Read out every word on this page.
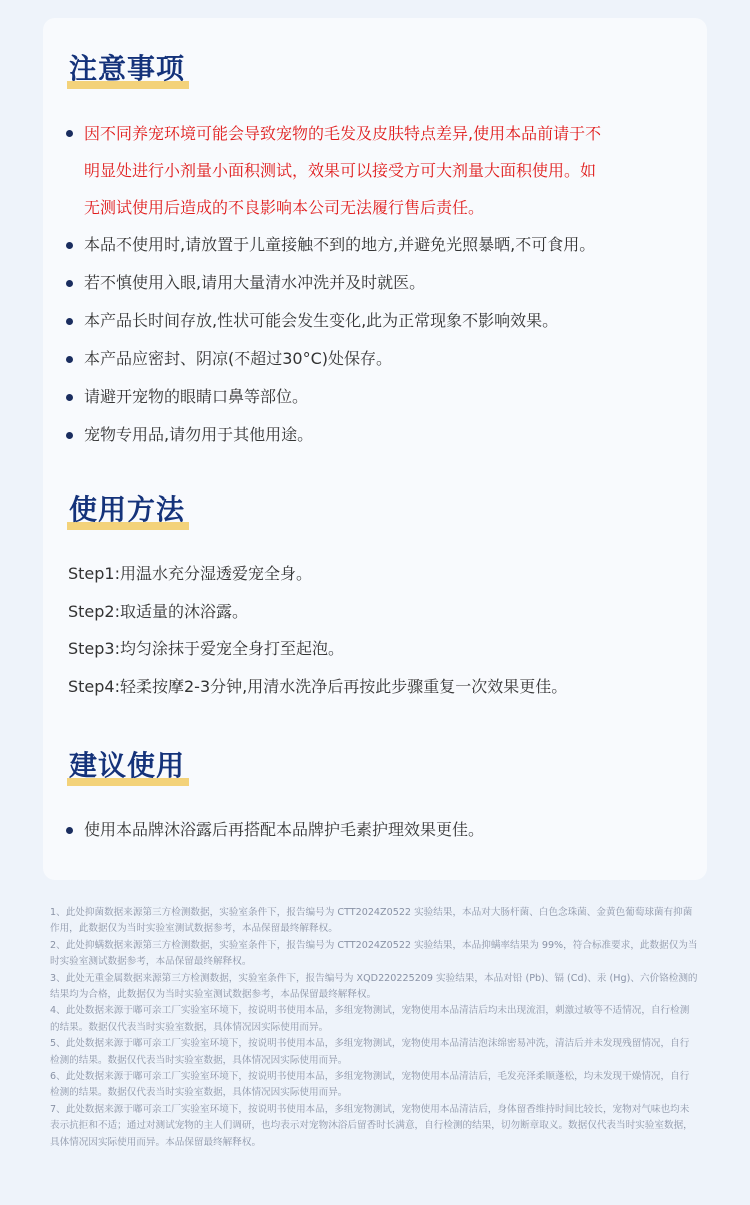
注意事项
因不同养宠环境可能会导致宠物的毛发及皮肤特点差异,使用本品前请于不
明显处进行小剂量小面积测试，效果可以接受方可大剂量大面积使用。如
无测试使用后造成的不良影响本公司无法履行售后责任。
本品不使用时,请放置于儿童接触不到的地方,并避免光照暴晒,不可食用。
若不慎使用入眼,请用大量清水冲洗并及时就医。
本产品长时间存放,性状可能会发生变化,此为正常现象不影响效果。
本产品应密封、阴凉(不超过30°C)处保存。
请避开宠物的眼睛口鼻等部位。
宠物专用品,请勿用于其他用途。
使用方法

Step1:用温水充分湿透爱宠全身。

Step2:取适量的沐浴露。

Step3:均匀涂抹于爱宠全身打至起泡。

Step4:轻柔按摩2-3分钟,用清水洗净后再按此步骤重复一次效果更佳。

建议使用
使用本品牌沐浴露后再搭配本品牌护毛素护理效果更佳。

1、此处抑菌数据来源第三方检测数据，实验室条件下，报告编号为 CTT2024Z0522 实验结果，本品对大肠杆菌、白色念珠菌、金黄色葡萄球菌有抑菌作用，此数据仅为当时实验室测试数据参考，本品保留最终解释权。

2、此处抑螨数据来源第三方检测数据，实验室条件下，报告编号为 CTT2024Z0522 实验结果，本品抑螨率结果为 99%，符合标准要求，此数据仅为当时实验室测试数据参考，本品保留最终解释权。

3、此处无重金属数据来源第三方检测数据，实验室条件下，报告编号为 XQD220225209 实验结果，本品对铅 (Pb)、镉 (Cd)、汞 (Hg)、六价铬检测的结果均为合格，此数据仅为当时实验室测试数据参考，本品保留最终解释权。

4、此处数据来源于嘟可亲工厂实验室环境下，按说明书使用本品，多组宠物测试，宠物使用本品清洁后均未出现流泪，刺激过敏等不适情况，自行检测的结果。数据仅代表当时实验室数据，具体情况因实际使用而异。

5、此处数据来源于嘟可亲工厂实验室环境下，按说明书使用本品，多组宠物测试，宠物使用本品清洁泡沫绵密易冲洗，清洁后并未发现残留情况，自行检测的结果。数据仅代表当时实验室数据，具体情况因实际使用而异。

6、此处数据来源于嘟可亲工厂实验室环境下，按说明书使用本品，多组宠物测试，宠物使用本品清洁后，毛发亮泽柔顺蓬松，均未发现干燥情况，自行检测的结果。数据仅代表当时实验室数据，具体情况因实际使用而异。

7、此处数据来源于嘟可亲工厂实验室环境下，按说明书使用本品，多组宠物测试，宠物使用本品清洁后，身体留香维持时间比较长，宠物对气味也均未表示抗拒和不适；通过对测试宠物的主人们调研，也均表示对宠物沐浴后留香时长满意，自行检测的结果，切勿断章取义。数据仅代表当时实验室数据，具体情况因实际使用而异。本品保留最终解释权。
